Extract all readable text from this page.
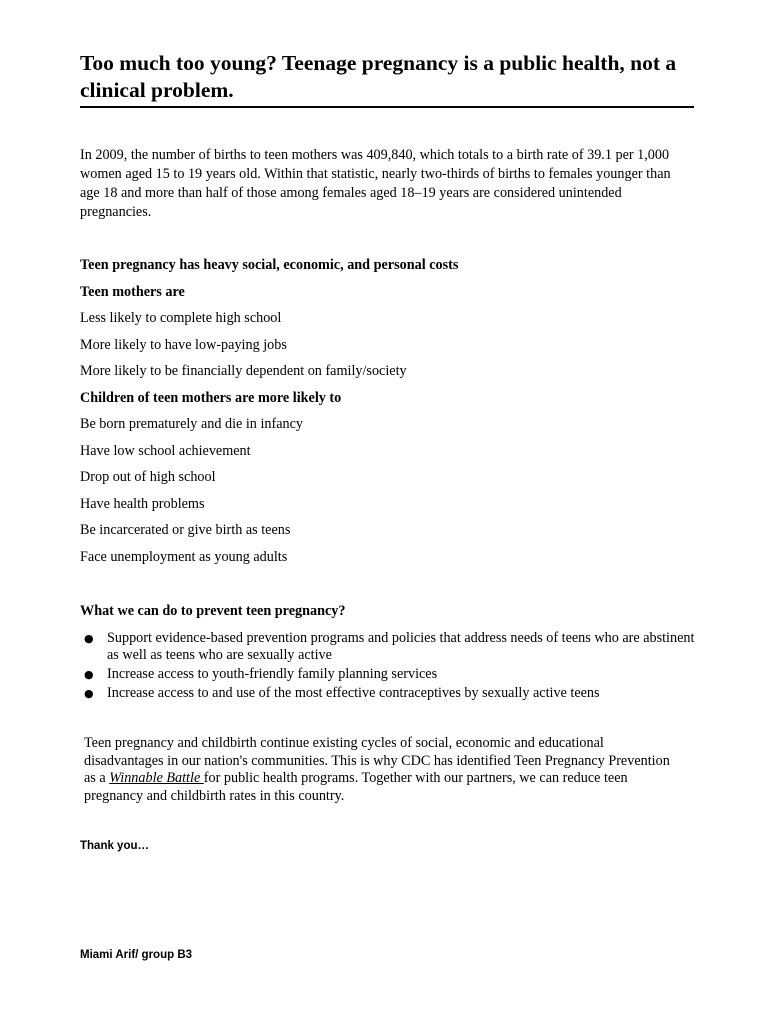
Too much too young? Teenage pregnancy is a public health, not a clinical problem.

In 2009, the number of births to teen mothers was 409,840, which totals to a birth rate of 39.1 per 1,000 women aged 15 to 19 years old. Within that statistic, nearly two-thirds of births to females younger than age 18 and more than half of those among females aged 18–19 years are considered unintended pregnancies.

Teen pregnancy has heavy social, economic, and personal costs

Teen mothers are

Less likely to complete high school

More likely to have low-paying jobs

More likely to be financially dependent on family/society

Children of teen mothers are more likely to

Be born prematurely and die in infancy

Have low school achievement

Drop out of high school

Have health problems

Be incarcerated or give birth as teens

Face unemployment as young adults

What we can do to prevent teen pregnancy?

● Support evidence-based prevention programs and policies that address needs of teens who are abstinent as well as teens who are sexually active
● Increase access to youth-friendly family planning services
● Increase access to and use of the most effective contraceptives by sexually active teens

Teen pregnancy and childbirth continue existing cycles of social, economic and educational disadvantages in our nation's communities. This is why CDC has identified Teen Pregnancy Prevention as a Winnable Battle for public health programs. Together with our partners, we can reduce teen pregnancy and childbirth rates in this country.

Thank you…

Miami Arif/ group B3
